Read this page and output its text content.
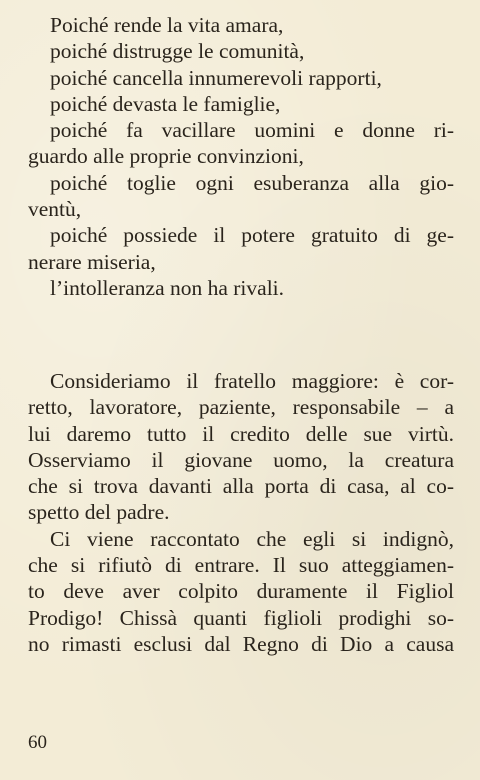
Poiché rende la vita amara,
poiché distrugge le comunità,
poiché cancella innumerevoli rapporti,
poiché devasta le famiglie,
poiché fa vacillare uomini e donne ri-
guardo alle proprie convinzioni,
poiché toglie ogni esuberanza alla gio-
ventù,
poiché possiede il potere gratuito di ge-
nerare miseria,
l’intolleranza non ha rivali.
Consideriamo il fratello maggiore: è cor-
retto, lavoratore, paziente, responsabile – a
lui daremo tutto il credito delle sue virtù.
Osserviamo il giovane uomo, la creatura
che si trova davanti alla porta di casa, al co-
spetto del padre.
Ci viene raccontato che egli si indignò,
che si rifiutò di entrare. Il suo atteggiamen-
to deve aver colpito duramente il Figliol
Prodigo! Chissà quanti figlioli prodighi so-
no rimasti esclusi dal Regno di Dio a causa
60
